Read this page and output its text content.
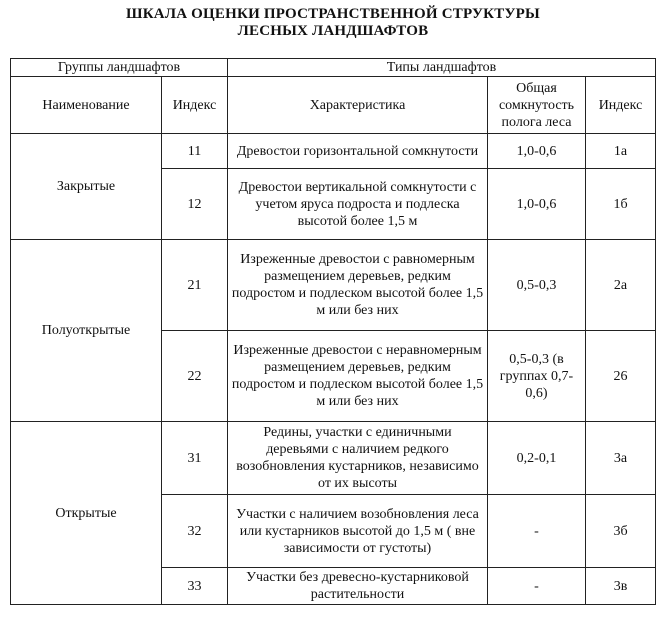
ШКАЛА ОЦЕНКИ ПРОСТРАНСТВЕННОЙ СТРУКТУРЫ
ЛЕСНЫХ ЛАНДШАФТОВ
Группы ландшафтов		Типы ландшафтов		
Наименование	Индекс	Характеристика	Общая сомкнутость полога леса	Индекс
Закрытые	11	Древостои горизонтальной сомкнутости	1,0-0,6	1а
	12	Древостои вертикальной сомкнутости с учетом яруса подроста и подлеска высотой более 1,5 м	1,0-0,6	1б
Полуоткрытые	21	Изреженные древостои с равномерным размещением деревьев, редким подростом и подлеском высотой более 1,5 м или без них	0,5-0,3	2а
	22	Изреженные древостои с неравномерным размещением деревьев, редким подростом и подлеском высотой более 1,5 м или без них	0,5-0,3 (в группах 0,7-0,6)	26
Открытые	31	Редины, участки с единичными деревьями с наличием редкого возобновления кустарников, независимо от их высоты	0,2-0,1	3а
	32	Участки с наличием возобновления леса или кустарников высотой до 1,5 м ( вне зависимости от густоты)	-	3б
	33	Участки без древесно-кустарниковой растительности	-	3в
